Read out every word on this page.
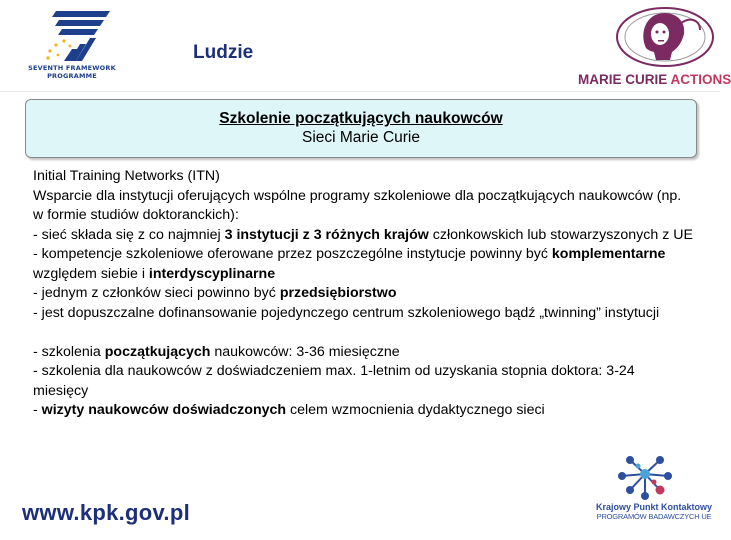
SEVENTH FRAMEWORK
PROGRAMME
Ludzie
MARIE CURIE ACTIONS
Szkolenie początkujących naukowców
Sieci Marie Curie

Initial Training Networks (ITN)

Wsparcie dla instytucji oferujących wspólne programy szkoleniowe dla początkujących naukowców (np. w formie studiów doktoranckich):

- sieć składa się z co najmniej 3 instytucji z 3 różnych krajów członkowskich lub stowarzyszonych z UE

- kompetencje szkoleniowe oferowane przez poszczególne instytucje powinny być komplementarne    względem siebie i interdyscyplinarne

- jednym z członków sieci powinno być przedsiębiorstwo

- jest dopuszczalne dofinansowanie pojedynczego centrum szkoleniowego bądź „twinning” instytucji

- szkolenia początkujących naukowców: 3-36 miesięczne

- szkolenia dla naukowców z doświadczeniem max. 1-letnim od uzyskania stopnia doktora: 3-24 miesięcy

- wizyty naukowców doświadczonych celem wzmocnienia dydaktycznego sieci

www.kpk.gov.pl	Krajowy Punkt Kontaktowy
PROGRAMÓW BADAWCZYCH UE
